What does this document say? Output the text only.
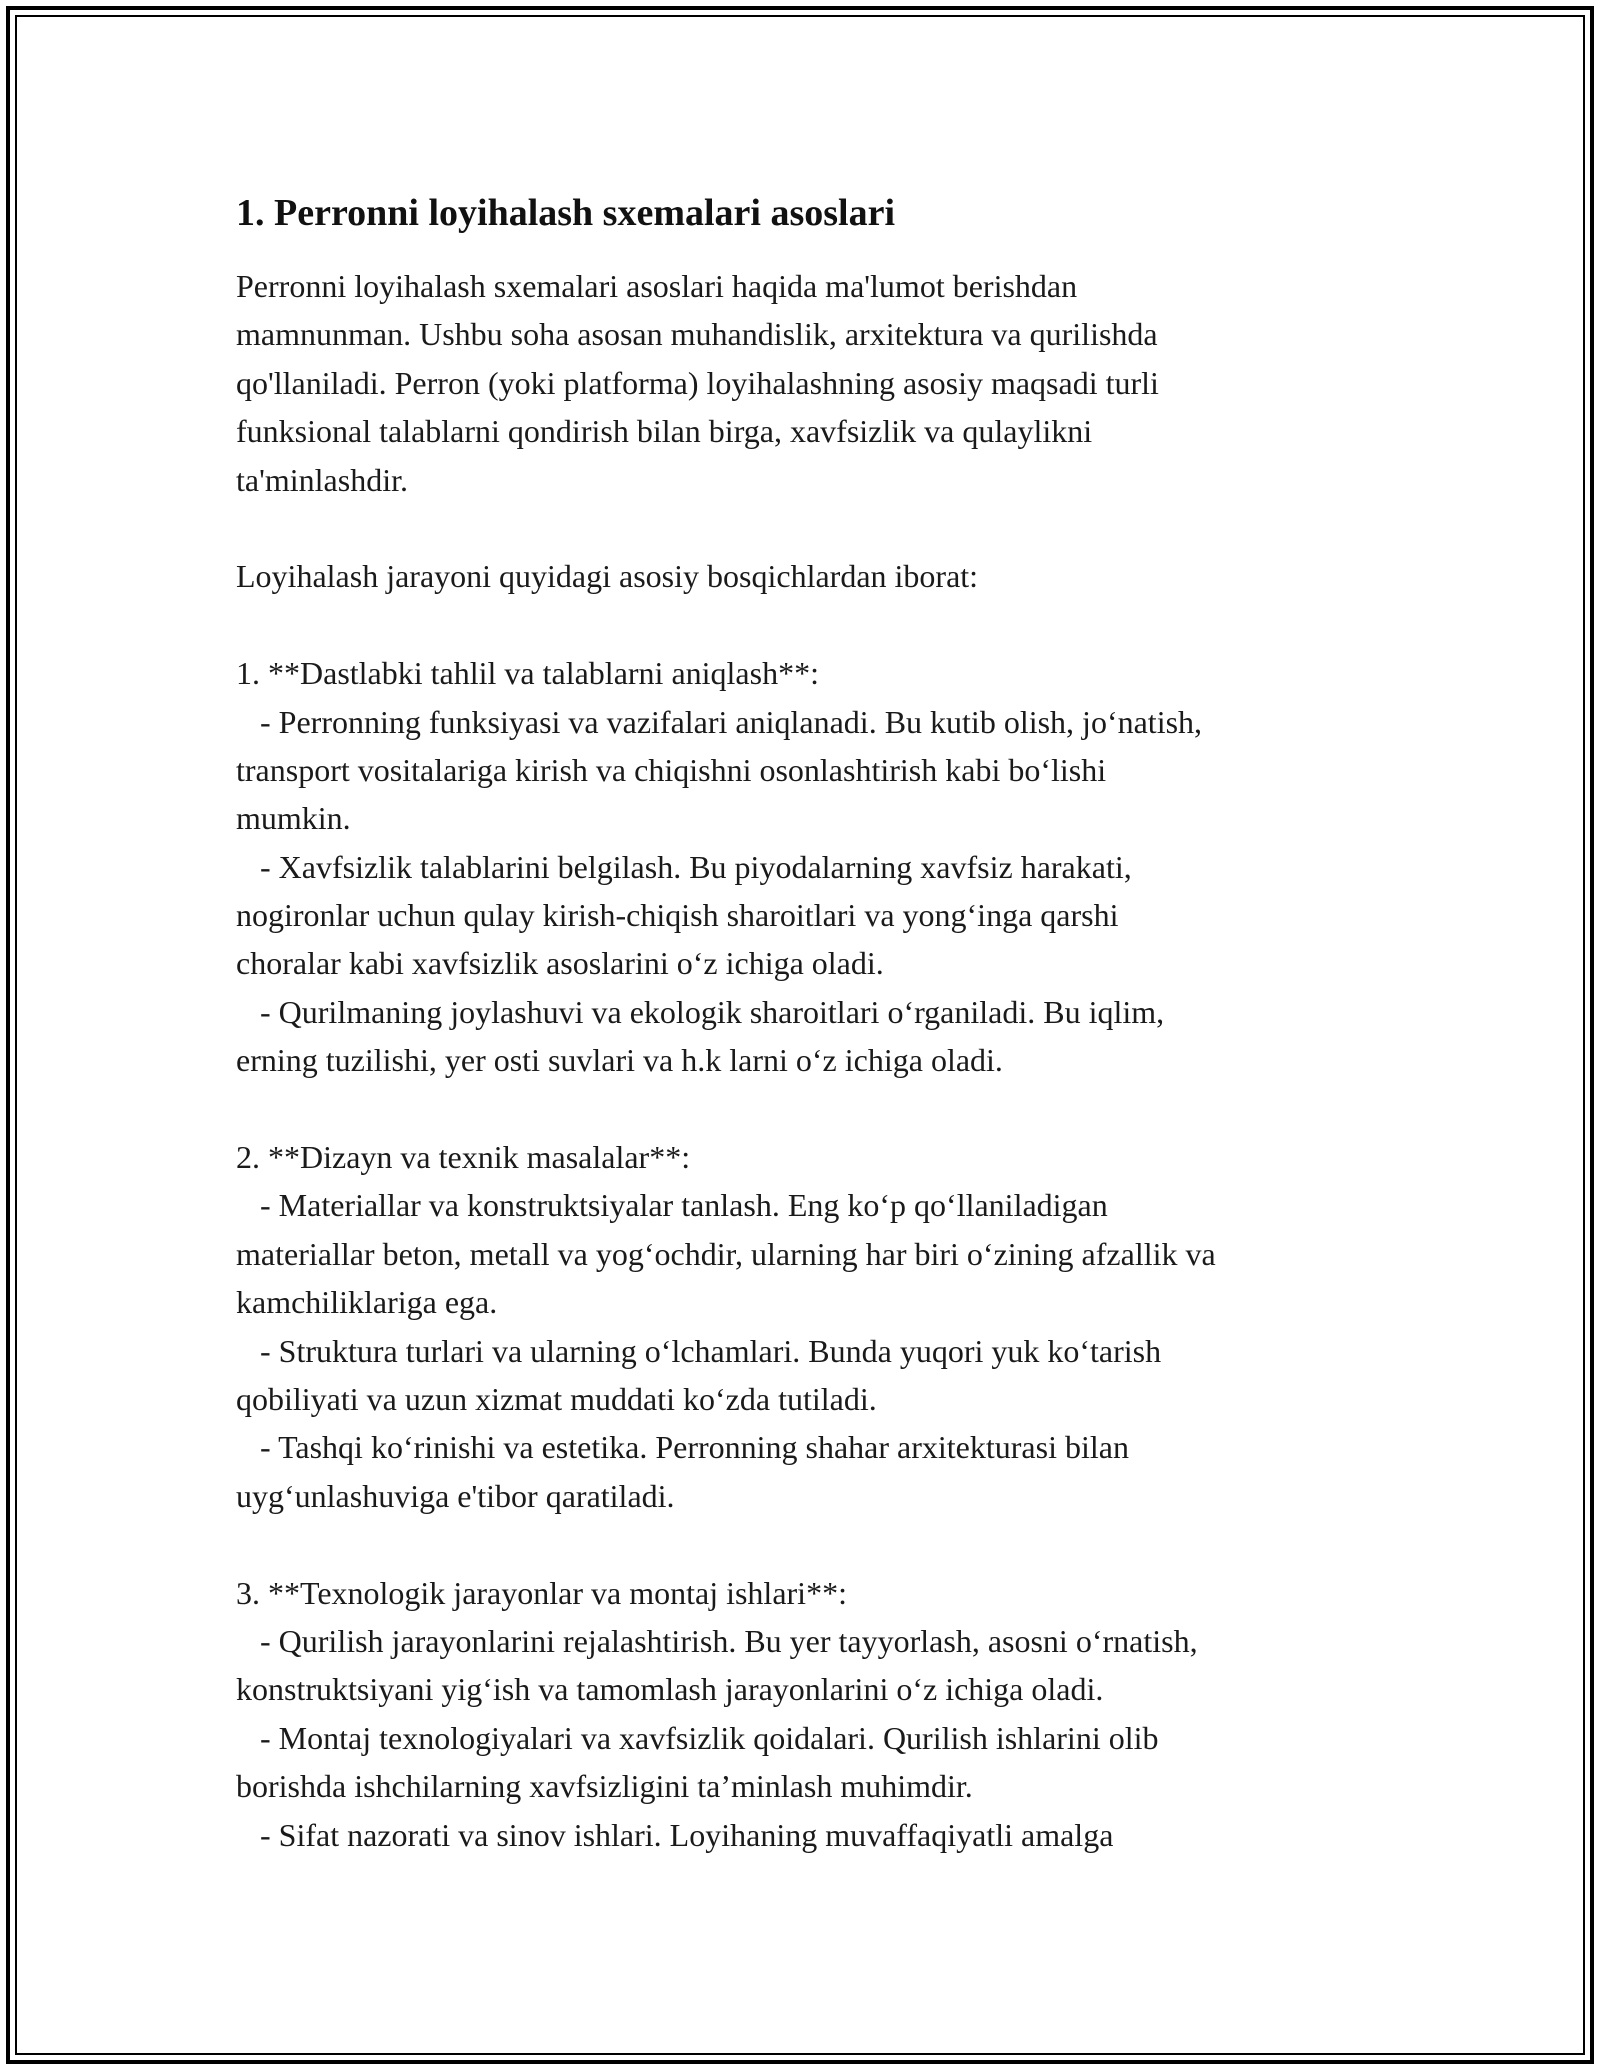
1. Perronni loyihalash sxemalari asoslari

Perronni loyihalash sxemalari asoslari haqida ma'lumot berishdan

mamnunman. Ushbu soha asosan muhandislik, arxitektura va qurilishda

qo'llaniladi. Perron (yoki platforma) loyihalashning asosiy maqsadi turli

funksional talablarni qondirish bilan birga, xavfsizlik va qulaylikni

ta'minlashdir.

Loyihalash jarayoni quyidagi asosiy bosqichlardan iborat:

1. **Dastlabki tahlil va talablarni aniqlash**:

- Perronning funksiyasi va vazifalari aniqlanadi. Bu kutib olish, jo‘natish,

transport vositalariga kirish va chiqishni osonlashtirish kabi bo‘lishi

mumkin.

- Xavfsizlik talablarini belgilash. Bu piyodalarning xavfsiz harakati,

nogironlar uchun qulay kirish-chiqish sharoitlari va yong‘inga qarshi

choralar kabi xavfsizlik asoslarini o‘z ichiga oladi.

- Qurilmaning joylashuvi va ekologik sharoitlari o‘rganiladi. Bu iqlim,

erning tuzilishi, yer osti suvlari va h.k larni o‘z ichiga oladi.

2. **Dizayn va texnik masalalar**:

- Materiallar va konstruktsiyalar tanlash. Eng ko‘p qo‘llaniladigan

materiallar beton, metall va yog‘ochdir, ularning har biri o‘zining afzallik va

kamchiliklariga ega.

- Struktura turlari va ularning o‘lchamlari. Bunda yuqori yuk ko‘tarish

qobiliyati va uzun xizmat muddati ko‘zda tutiladi.

- Tashqi ko‘rinishi va estetika. Perronning shahar arxitekturasi bilan

uyg‘unlashuviga e'tibor qaratiladi.

3. **Texnologik jarayonlar va montaj ishlari**:

- Qurilish jarayonlarini rejalashtirish. Bu yer tayyorlash, asosni o‘rnatish,

konstruktsiyani yig‘ish va tamomlash jarayonlarini o‘z ichiga oladi.

- Montaj texnologiyalari va xavfsizlik qoidalari. Qurilish ishlarini olib

borishda ishchilarning xavfsizligini ta’minlash muhimdir.

- Sifat nazorati va sinov ishlari. Loyihaning muvaffaqiyatli amalga
